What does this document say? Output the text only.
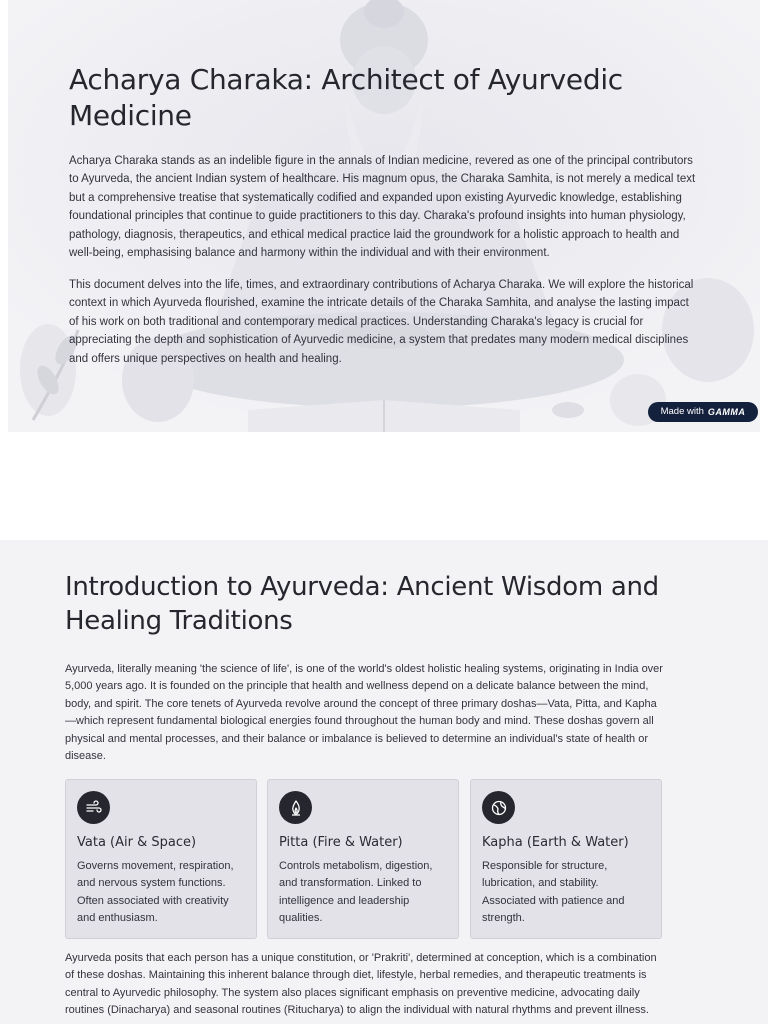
Acharya Charaka: Architect of Ayurvedic Medicine

Acharya Charaka stands as an indelible figure in the annals of Indian medicine, revered as one of the principal contributors to Ayurveda, the ancient Indian system of healthcare. His magnum opus, the Charaka Samhita, is not merely a medical text but a comprehensive treatise that systematically codified and expanded upon existing Ayurvedic knowledge, establishing foundational principles that continue to guide practitioners to this day. Charaka's profound insights into human physiology, pathology, diagnosis, therapeutics, and ethical medical practice laid the groundwork for a holistic approach to health and well-being, emphasising balance and harmony within the individual and with their environment.

This document delves into the life, times, and extraordinary contributions of Acharya Charaka. We will explore the historical context in which Ayurveda flourished, examine the intricate details of the Charaka Samhita, and analyse the lasting impact of his work on both traditional and contemporary medical practices. Understanding Charaka's legacy is crucial for appreciating the depth and sophistication of Ayurvedic medicine, a system that predates many modern medical disciplines and offers unique perspectives on health and healing.

Made with GAMMA
Introduction to Ayurveda: Ancient Wisdom and Healing Traditions

Ayurveda, literally meaning 'the science of life', is one of the world's oldest holistic healing systems, originating in India over 5,000 years ago. It is founded on the principle that health and wellness depend on a delicate balance between the mind, body, and spirit. The core tenets of Ayurveda revolve around the concept of three primary doshas—Vata, Pitta, and Kapha—which represent fundamental biological energies found throughout the human body and mind. These doshas govern all physical and mental processes, and their balance or imbalance is believed to determine an individual's state of health or disease.

Vata (Air & Space)
Governs movement, respiration, and nervous system functions. Often associated with creativity and enthusiasm.
Pitta (Fire & Water)
Controls metabolism, digestion, and transformation. Linked to intelligence and leadership qualities.
Kapha (Earth & Water)
Responsible for structure, lubrication, and stability. Associated with patience and strength.

Ayurveda posits that each person has a unique constitution, or 'Prakriti', determined at conception, which is a combination of these doshas. Maintaining this inherent balance through diet, lifestyle, herbal remedies, and therapeutic treatments is central to Ayurvedic philosophy. The system also places significant emphasis on preventive medicine, advocating daily routines (Dinacharya) and seasonal routines (Ritucharya) to align the individual with natural rhythms and prevent illness.
